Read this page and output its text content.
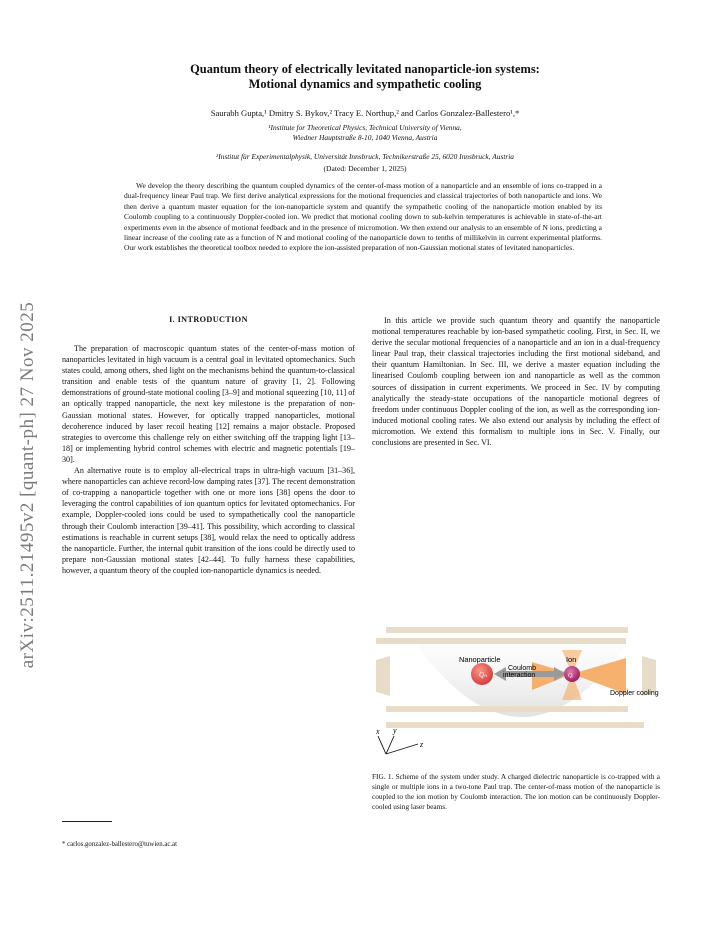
arXiv:2511.21495v2 [quant-ph] 27 Nov 2025
Quantum theory of electrically levitated nanoparticle-ion systems:
Motional dynamics and sympathetic cooling
Saurabh Gupta,¹ Dmitry S. Bykov,² Tracy E. Northup,² and Carlos Gonzalez-Ballestero¹,*
¹Institute for Theoretical Physics, Technical University of Vienna,
Wiedner Hauptstraße 8-10, 1040 Vienna, Austria
²Institut für Experimentalphysik, Universität Innsbruck, Technikerstraße 25, 6020 Innsbruck, Austria
(Dated: December 1, 2025)
We develop the theory describing the quantum coupled dynamics of the center-of-mass motion of a nanoparticle and an ensemble of ions co-trapped in a dual-frequency linear Paul trap. We first derive analytical expressions for the motional frequencies and classical trajectories of both nanoparticle and ions. We then derive a quantum master equation for the ion-nanoparticle system and quantify the sympathetic cooling of the nanoparticle motion enabled by its Coulomb coupling to a continuously Doppler-cooled ion. We predict that motional cooling down to sub-kelvin temperatures is achievable in state-of-the-art experiments even in the absence of motional feedback and in the presence of micromotion. We then extend our analysis to an ensemble of N ions, predicting a linear increase of the cooling rate as a function of N and motional cooling of the nanoparticle down to tenths of millikelvin in current experimental platforms. Our work establishes the theoretical toolbox needed to explore the ion-assisted preparation of non-Gaussian motional states of levitated nanoparticles.
I. INTRODUCTION

The preparation of macroscopic quantum states of the center-of-mass motion of nanoparticles levitated in high vacuum is a central goal in levitated optomechanics. Such states could, among others, shed light on the mechanisms behind the quantum-to-classical transition and enable tests of the quantum nature of gravity [1, 2]. Following demonstrations of ground-state motional cooling [3–9] and motional squeezing [10, 11] of an optically trapped nanoparticle, the next key milestone is the preparation of non-Gaussian motional states. However, for optically trapped nanoparticles, motional decoherence induced by laser recoil heating [12] remains a major obstacle. Proposed strategies to overcome this challenge rely on either switching off the trapping light [13–18] or implementing hybrid control schemes with electric and magnetic potentials [19–30].

An alternative route is to employ all-electrical traps in ultra-high vacuum [31–36], where nanoparticles can achieve record-low damping rates [37]. The recent demonstration of co-trapping a nanoparticle together with one or more ions [38] opens the door to leveraging the control capabilities of ion quantum optics for levitated optomechanics. For example, Doppler-cooled ions could be used to sympathetically cool the nanoparticle through their Coulomb interaction [39–41]. This possibility, which according to classical estimations is reachable in current setups [38], would relax the need to optically address the nanoparticle. Further, the internal qubit transition of the ions could be directly used to prepare non-Gaussian motional states [42–44]. To fully harness these capabilities, however, a quantum theory of the coupled ion-nanoparticle dynamics is needed.

In this article we provide such quantum theory and quantify the nanoparticle motional temperatures reachable by ion-based sympathetic cooling. First, in Sec. II, we derive the secular motional frequencies of a nanoparticle and an ion in a dual-frequency linear Paul trap, their classical trajectories including the first motional sideband, and their quantum Hamiltonian. In Sec. III, we derive a master equation including the linearised Coulomb coupling between ion and nanoparticle as well as the common sources of dissipation in current experiments. We proceed in Sec. IV by computing analytically the steady-state occupations of the nanoparticle motional degrees of freedom under continuous Doppler cooling of the ion, as well as the corresponding ion-induced motional cooling rates. We also extend our analysis by including the effect of micromotion. We extend this formalism to multiple ions in Sec. V. Finally, our conclusions are presented in Sec. VI.

Qₙ	Qᵢ
Nanoparticle	Ion
Coulomb
interaction
Doppler cooling
x y
z
FIG. 1. Scheme of the system under study. A charged dielectric nanoparticle is co-trapped with a single or multiple ions in a two-tone Paul trap. The center-of-mass motion of the nanoparticle is coupled to the ion motion by Coulomb interaction. The ion motion can be continuously Doppler-cooled using laser beams.
* carlos.gonzalez-ballestero@tuwien.ac.at
